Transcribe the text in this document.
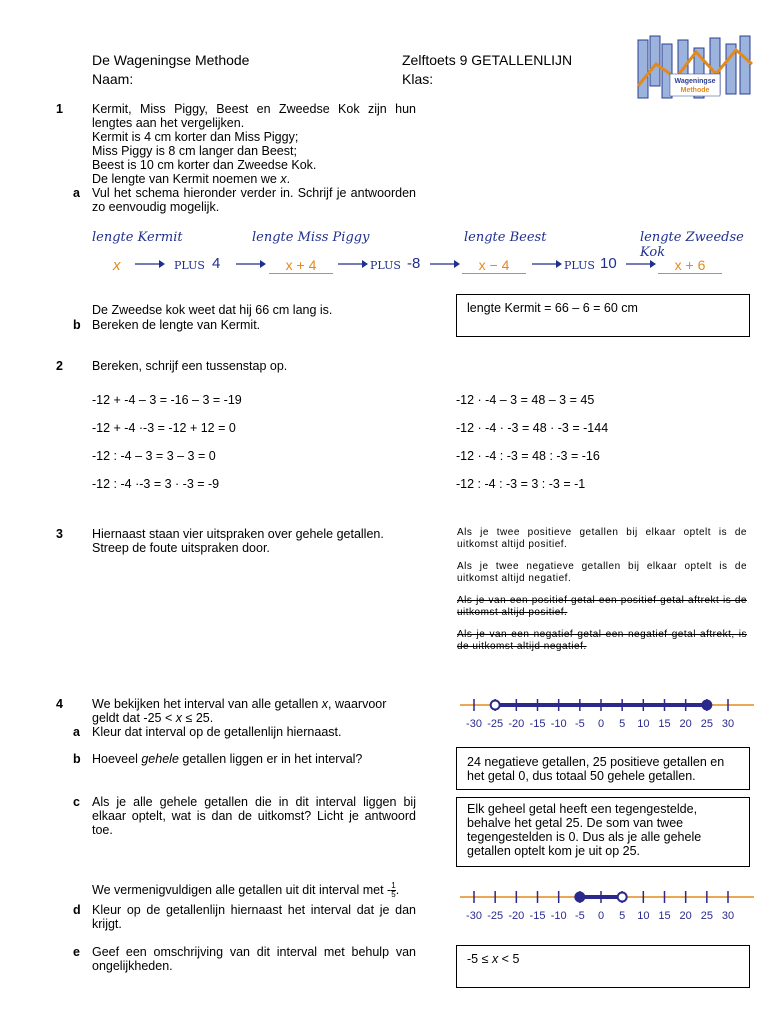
De Wageningse Methode
Naam:
Zelftoets 9 GETALLENLIJN
Klas:	Wageningse
Methode
1 Kermit, Miss Piggy, Beest en Zweedse Kok zijn hun lengtes aan het vergelijken.
Kermit is 4 cm korter dan Miss Piggy;
Miss Piggy is 8 cm langer dan Beest;
Beest is 10 cm korter dan Zweedse Kok.
De lengte van Kermit noemen we x.
a Vul het schema hieronder verder in. Schrijf je antwoorden zo eenvoudig mogelijk.
lengte Kermit	lengte Miss Piggy	lengte Beest	lengte Zweedse Kok
x	x + 4	x − 4	x + 6
PLUS 4	PLUS -8	PLUS 10
De Zweedse kok weet dat hij 66 cm lang is.
b Bereken de lengte van Kermit.
lengte Kermit = 66 – 6 = 60 cm
2 Bereken, schrijf een tussenstap op.
-12 + -4 – 3 = -16 – 3 = -19
-12 + -4 ·-3 = -12 + 12 = 0
-12 : -4 – 3 = 3 – 3 = 0
-12 : -4 ·-3 = 3 · -3 = -9
-12 · -4 – 3 = 48 – 3 = 45
-12 · -4 · -3 = 48 · -3 = -144
-12 · -4 : -3 = 48 : -3 = -16
-12 : -4 : -3 = 3 : -3 = -1
3 Hiernaast staan vier uitspraken over gehele getallen.
Streep de foute uitspraken door.
Als je twee positieve getallen bij elkaar optelt is de uitkomst altijd positief.
Als je twee negatieve getallen bij elkaar optelt is de uitkomst altijd negatief.
Als je van een positief getal een positief getal aftrekt is de uitkomst altijd positief.
Als je van een negatief getal een negatief getal aftrekt, is de uitkomst altijd negatief.
4 We bekijken het interval van alle getallen x, waarvoor
geldt dat -25 < x ≤ 25.
a Kleur dat interval op de getallenlijn hiernaast.
-30 -25 -20 -15 -10 -5 0 5 10 15 20 25 30
b Hoeveel gehele getallen liggen er in het interval?	24 negatieve getallen, 25 positieve getallen en het getal 0, dus totaal 50 gehele getallen.
c Als je alle gehele getallen die in dit interval liggen bij elkaar optelt, wat is dan de uitkomst? Licht je antwoord toe.
Elk geheel getal heeft een tegengestelde, behalve het getal 25. De som van twee tegengestelden is 0. Dus als je alle gehele getallen optelt kom je uit op 25.
We vermenigvuldigen alle getallen uit dit interval met - $\frac{1}{5}$ .
d Kleur op de getallenlijn hiernaast het interval dat je dan krijgt.
-30 -25 -20 -15 -10 -5 0 5 10 15 20 25 30
e Geef een omschrijving van dit interval met behulp van ongelijkheden.	-5 ≤ x < 5
